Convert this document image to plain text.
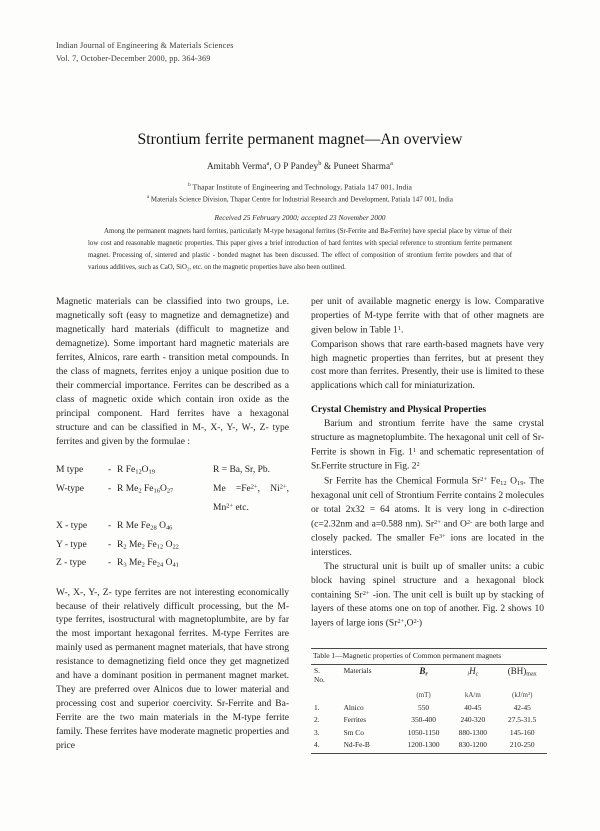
Indian Journal of Engineering & Materials Sciences
Vol. 7, October-December 2000, pp. 364-369
Strontium ferrite permanent magnet—An overview
Amitabh Verma$^a$, O P Pandey$^b$ & Puneet Sharma$^a$
$^b$ Thapar Institute of Engineering and Technology, Patiala 147 001, India
$^a$ Materials Science Division, Thapar Centre for Industrial Research and Development, Patiala 147 001, India
Received 25 February 2000; accepted 23 November 2000
Among the permanent magnets hard ferrites, particularly M-type hexagonal ferrites (Sr-Ferrite and Ba-Ferrite) have special place by virtue of their low cost and reasonable magnetic properties. This paper gives a brief introduction of hard ferrites with special reference to strontium ferrite permanent magnet. Processing of, sintered and plastic - bonded magnet has been discussed. The effect of composition of strontium ferrite powders and that of various additives, such as CaO, SiO₂, etc. on the magnetic properties have also been outlined.

Magnetic materials can be classified into two groups, i.e. magnetically soft (easy to magnetize and demagnetize) and magnetically hard materials (difficult to magnetize and demagnetize). Some important hard magnetic materials are ferrites, Alnicos, rare earth - transition metal compounds. In the class of magnets, ferrites enjoy a unique position due to their commercial importance. Ferrites can be described as a class of magnetic oxide which contain iron oxide as the principal component. Hard ferrites have a hexagonal structure and can be classified in M-, X-, Y-, W-, Z- type ferrites and given by the formulae :

M type	- R $Fe_{12}O_{19}$	R = Ba, Sr, Pb.
W-type	- R $Me_2$ $Fe_{16}O_{27}$	$Me =Fe^{2+}$, $Ni^{2+}$, $Mn^{2+}$ etc.
X - type	- R Me $Fe_{28}$ $O_{46}$
Y - type	- $R_2$ $Me_2$ $Fe_{12}$ $O_{22}$
Z - type	- $R_3$ $Me_2$ $Fe_{24}$ $O_{41}$

W-, X-, Y-, Z- type ferrites are not interesting economically because of their relatively difficult processing, but the M-type ferrites, isostructural with magnetoplumbite, are by far the most important hexagonal ferrites. M-type Ferrites are mainly used as permanent magnet materials, that have strong resistance to demagnetizing field once they get magnetized and have a dominant position in permanent magnet market. They are preferred over Alnicos due to lower material and processing cost and superior coercivity. Sr-Ferrite and Ba-Ferrite are the two main materials in the M-type ferrite family. These ferrites have moderate magnetic properties and price

per unit of available magnetic energy is low. Comparative properties of M-type ferrite with that of other magnets are given below in Table $1^1$.

Comparison shows that rare earth-based magnets have very high magnetic properties than ferrites, but at present they cost more than ferrites. Presently, their use is limited to these applications which call for miniaturization.

Crystal Chemistry and Physical Properties

Barium and strontium ferrite have the same crystal structure as magnetoplumbite. The hexagonal unit cell of Sr-Ferrite is shown in Fig. $1^1$ and schematic representation of Sr.Ferrite structure in Fig. $2^2$

Sr Ferrite has the Chemical Formula $Sr^{2+}$ $Fe_{12}$ $O_{19}$. The hexagonal unit cell of Strontium Ferrite contains 2 molecules or total 2x32 = 64 atoms. It is very long in c-direction (c=2.32nm and a=0.588 nm). $Sr^{2+}$ and $O^{2-}$ are both large and closely packed. The smaller $Fe^{3+}$ ions are located in the interstices.

The structural unit is built up of smaller units: a cubic block having spinel structure and a hexagonal block containing $Sr^{2+}$ -ion. The unit cell is built up by stacking of layers of these atoms one on top of another. Fig. 2 shows 10 layers of large ions $(Sr^{2+},O^{2-})$

Table 1—Magnetic properties of Common permanent magnets
S.
No.	Materials	$B_r$	$_iH_c$	$(BH)_{max}$
		(mT)	kA/m	(kJ/m³)
1.	Alnico	550	40-45	42-45
2.	Ferrites	350-400	240-320	27.5-31.5
3.	Sm Co	1050-1150	880-1300	145-160
4.	Nd-Fe-B	1200-1300	830-1200	210-250
